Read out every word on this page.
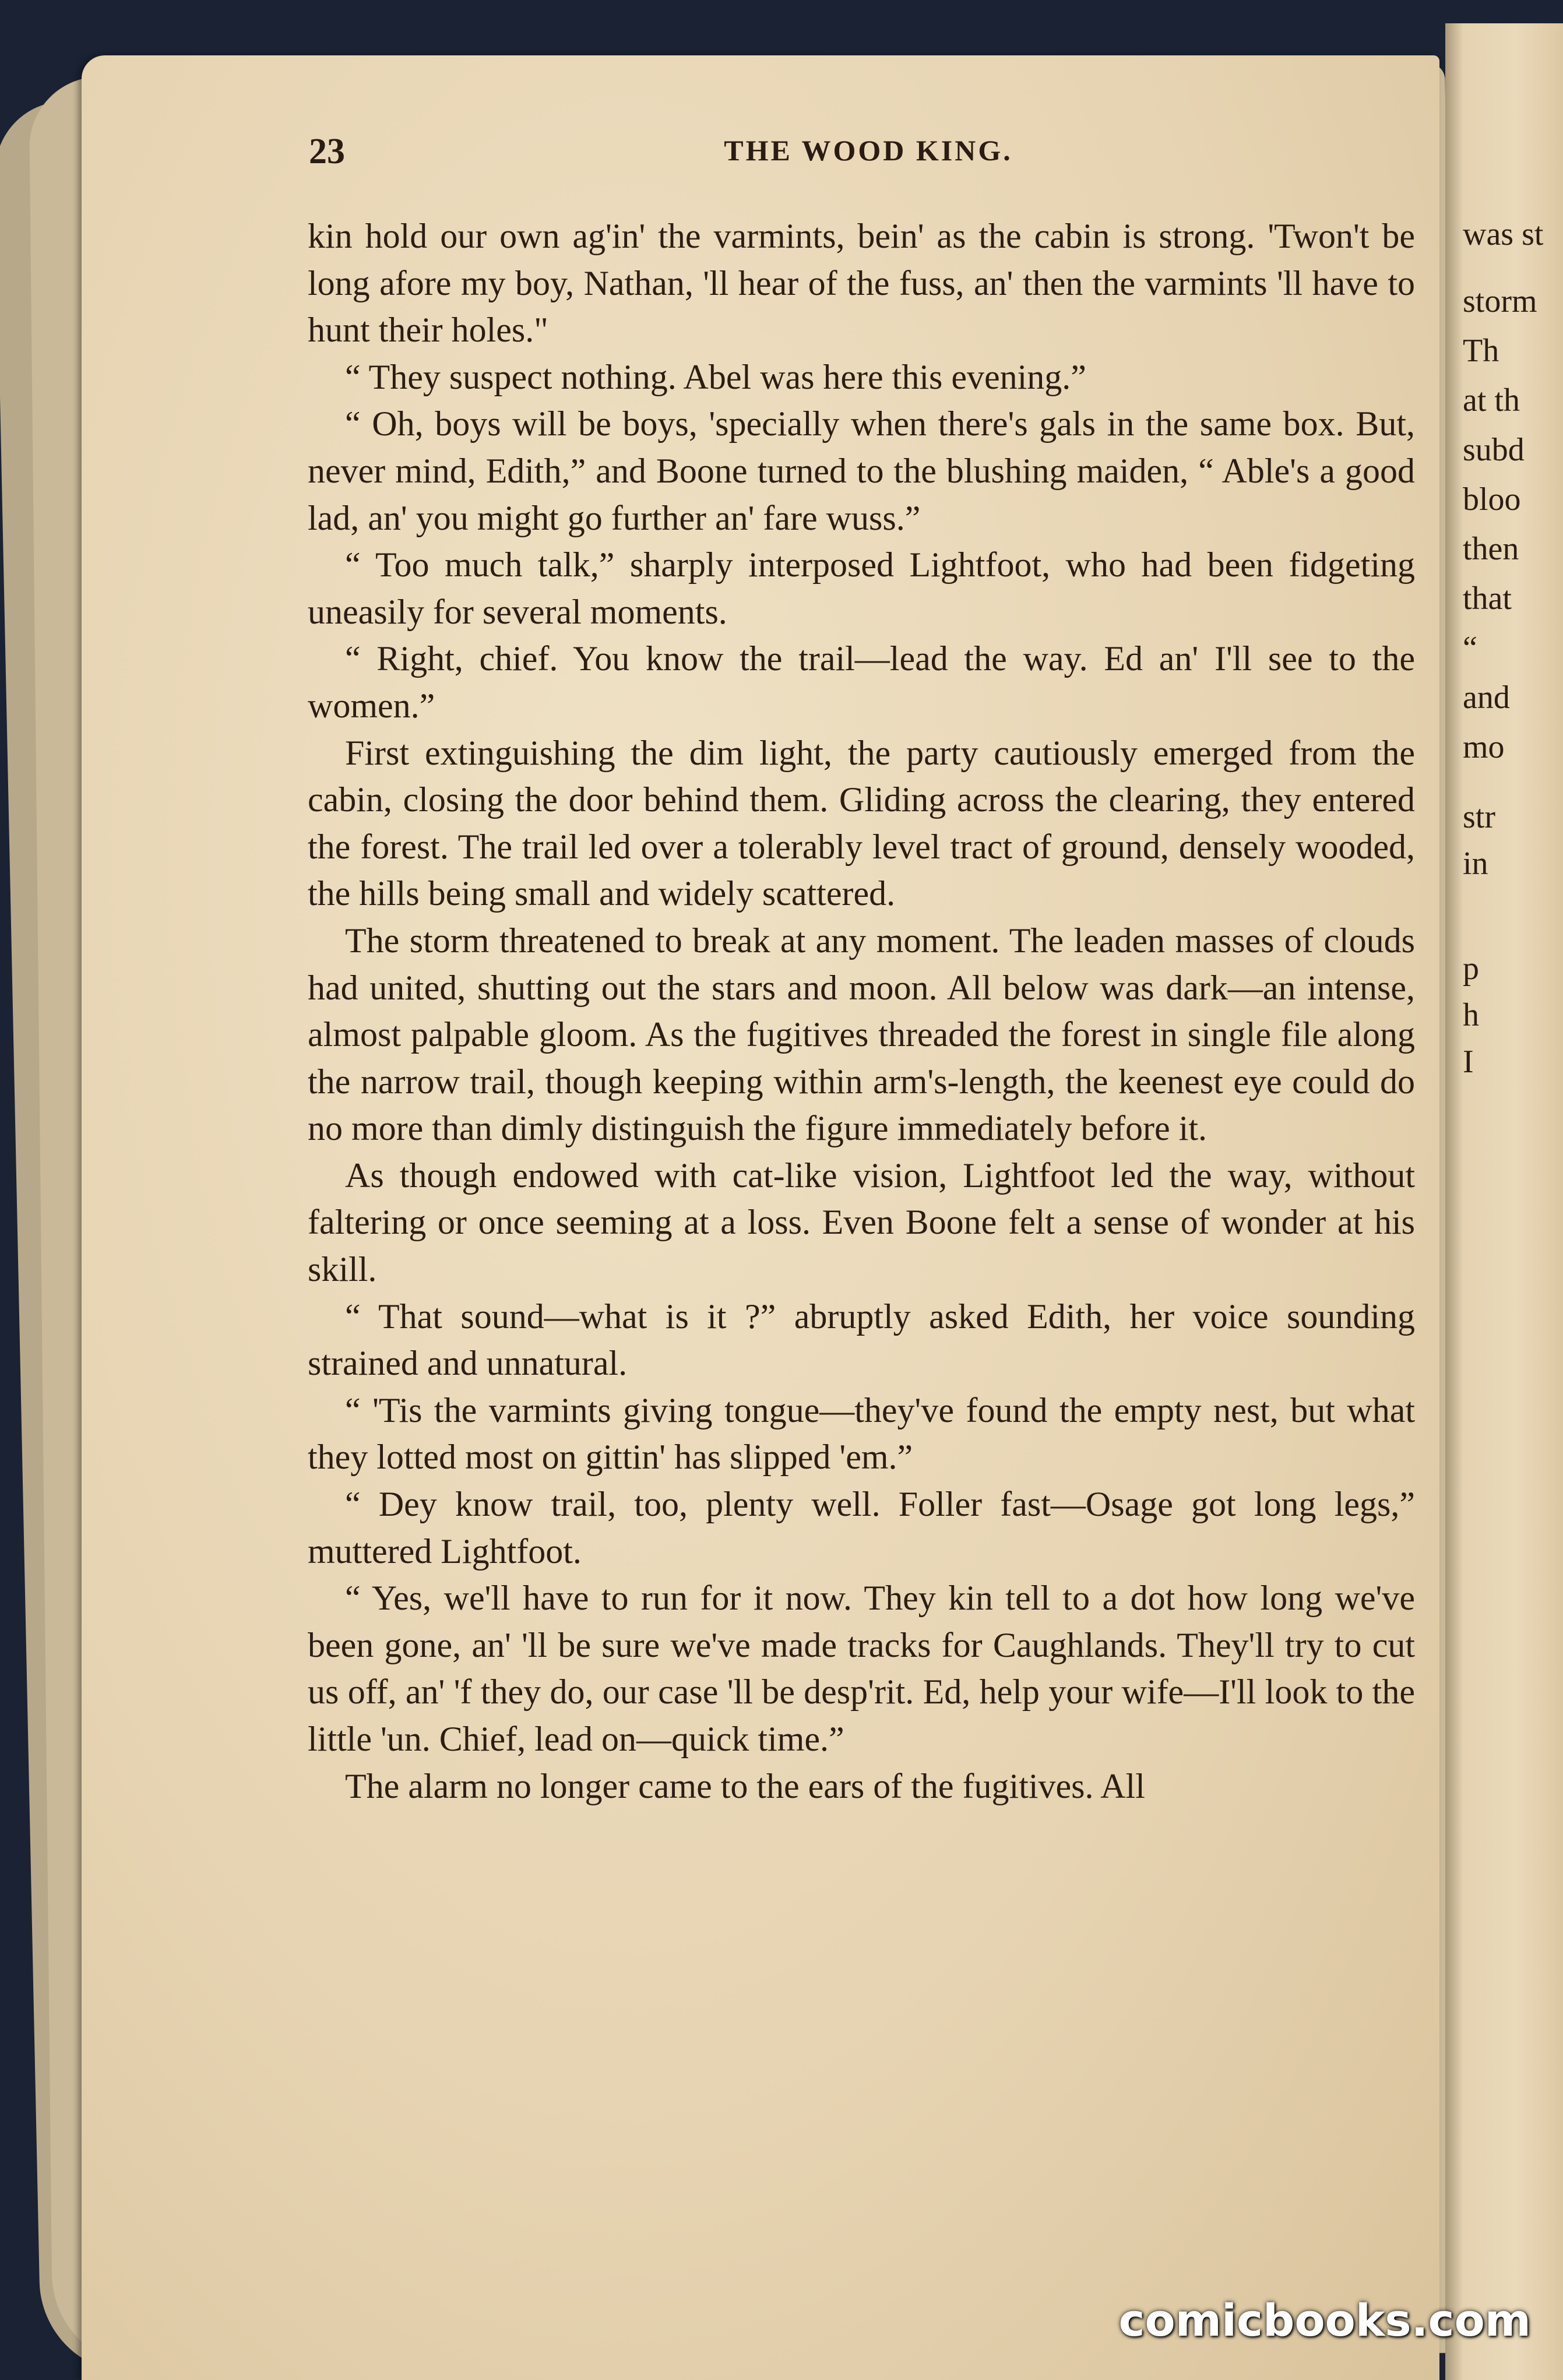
was st
storm
Th
at th
subd
bloo
then
that
“
and
mo
str
in
p
h
I
23	THE WOOD KING.

kin hold our own ag'in' the varmints, bein' as the cabin is strong. 'Twon't be long afore my boy, Nathan, 'll hear of the fuss, an' then the varmints 'll have to hunt their holes."

“ They suspect nothing. Abel was here this evening.”

“ Oh, boys will be boys, 'specially when there's gals in the same box. But, never mind, Edith,” and Boone turned to the blushing maiden, “ Able's a good lad, an' you might go further an' fare wuss.”

“ Too much talk,” sharply interposed Lightfoot, who had been fidgeting uneasily for several moments.

“ Right, chief. You know the trail—lead the way. Ed an' I'll see to the women.”

First extinguishing the dim light, the party cautiously emerged from the cabin, closing the door behind them. Gliding across the clearing, they entered the forest. The trail led over a tolerably level tract of ground, densely wooded, the hills being small and widely scattered.

The storm threatened to break at any moment. The leaden masses of clouds had united, shutting out the stars and moon. All below was dark—an intense, almost palpable gloom. As the fugitives threaded the forest in single file along the narrow trail, though keeping within arm's-length, the keenest eye could do no more than dimly distinguish the figure immediately before it.

As though endowed with cat-like vision, Lightfoot led the way, without faltering or once seeming at a loss. Even Boone felt a sense of wonder at his skill.

“ That sound—what is it ?” abruptly asked Edith, her voice sounding strained and unnatural.

“ 'Tis the varmints giving tongue—they've found the empty nest, but what they lotted most on gittin' has slipped 'em.”

“ Dey know trail, too, plenty well. Foller fast—Osage got long legs,” muttered Lightfoot.

“ Yes, we'll have to run for it now. They kin tell to a dot how long we've been gone, an' 'll be sure we've made tracks for Caughlands. They'll try to cut us off, an' 'f they do, our case 'll be desp'rit. Ed, help your wife—I'll look to the little 'un. Chief, lead on—quick time.”

The alarm no longer came to the ears of the fugitives. All

comicbooks.com
